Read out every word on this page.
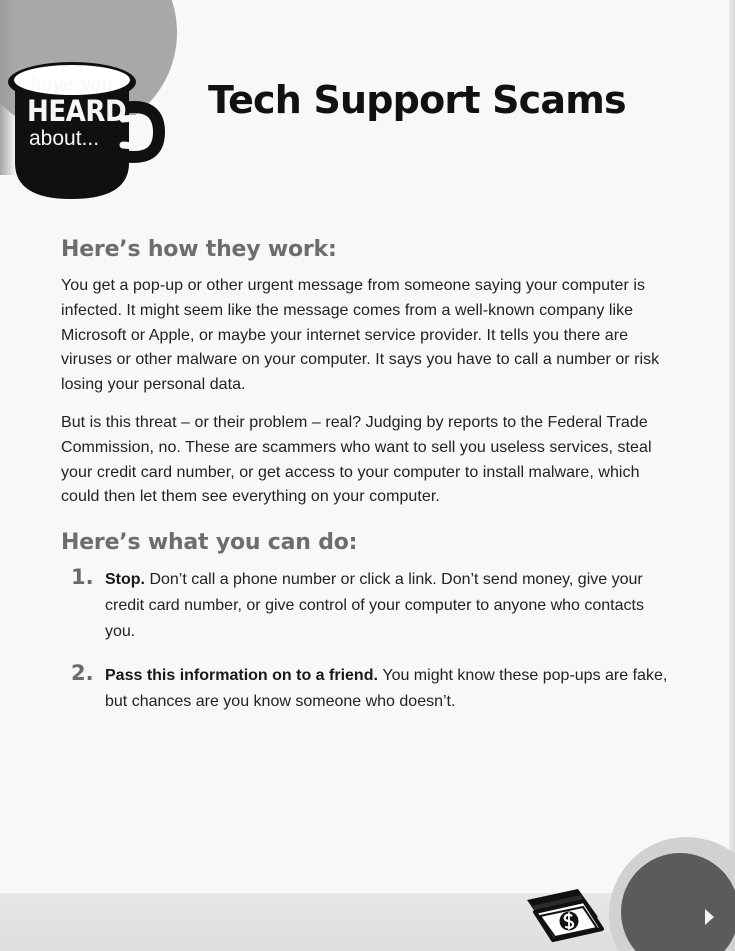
have you
HEARD
about...
Tech Support Scams
Here’s how they work:

You get a pop-up or other urgent message from someone saying your computer is infected. It might seem like the message comes from a well-known company like Microsoft or Apple, or maybe your internet service provider. It tells you there are viruses or other malware on your computer. It says you have to call a number or risk losing your personal data.

But is this threat – or their problem – real? Judging by reports to the Federal Trade Commission, no. These are scammers who want to sell you useless services, steal your credit card number, or get access to your computer to install malware, which could then let them see everything on your computer.

Here’s what you can do:
1. Stop. Don’t call a phone number or click a link. Don’t send money, give your credit card number, or give control of your computer to anyone who contacts you.
2. Pass this information on to a friend. You might know these pop-ups are fake, but chances are you know someone who doesn’t.
